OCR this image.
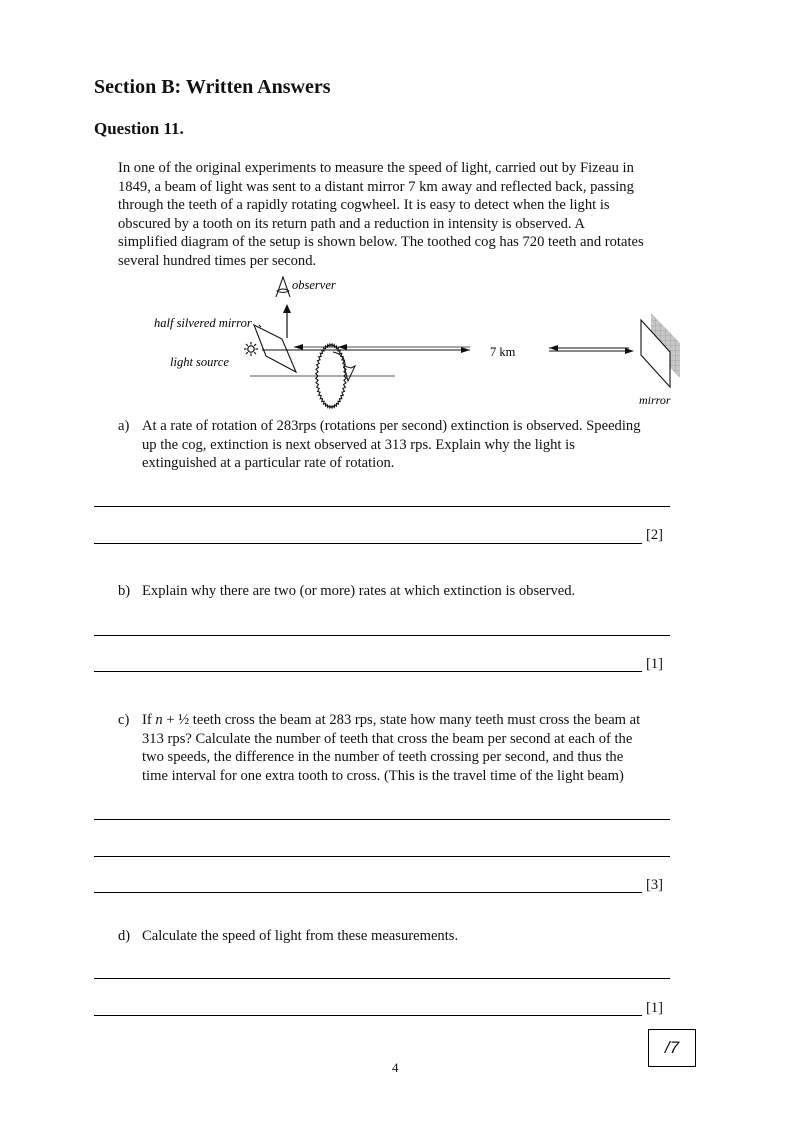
Section B: Written Answers
Question 11.
In one of the original experiments to measure the speed of light, carried out by Fizeau in
1849, a beam of light was sent to a distant mirror 7 km away and reflected back, passing
through the teeth of a rapidly rotating cogwheel. It is easy to detect when the light is
obscured by a tooth on its return path and a reduction in intensity is observed. A
simplified diagram of the setup is shown below. The toothed cog has 720 teeth and rotates
several hundred times per second.
observer
half silvered mirror
light source
7 km
mirror
a) At a rate of rotation of 283rps (rotations per second) extinction is observed. Speeding
up the cog, extinction is next observed at 313 rps. Explain why the light is
extinguished at a particular rate of rotation.
[2]
b) Explain why there are two (or more) rates at which extinction is observed.
[1]
c) If n + ½ teeth cross the beam at 283 rps, state how many teeth must cross the beam at
313 rps? Calculate the number of teeth that cross the beam per second at each of the
two speeds, the difference in the number of teeth crossing per second, and thus the
time interval for one extra tooth to cross. (This is the travel time of the light beam)
[3]
d) Calculate the speed of light from these measurements.
[1]
/7
4
